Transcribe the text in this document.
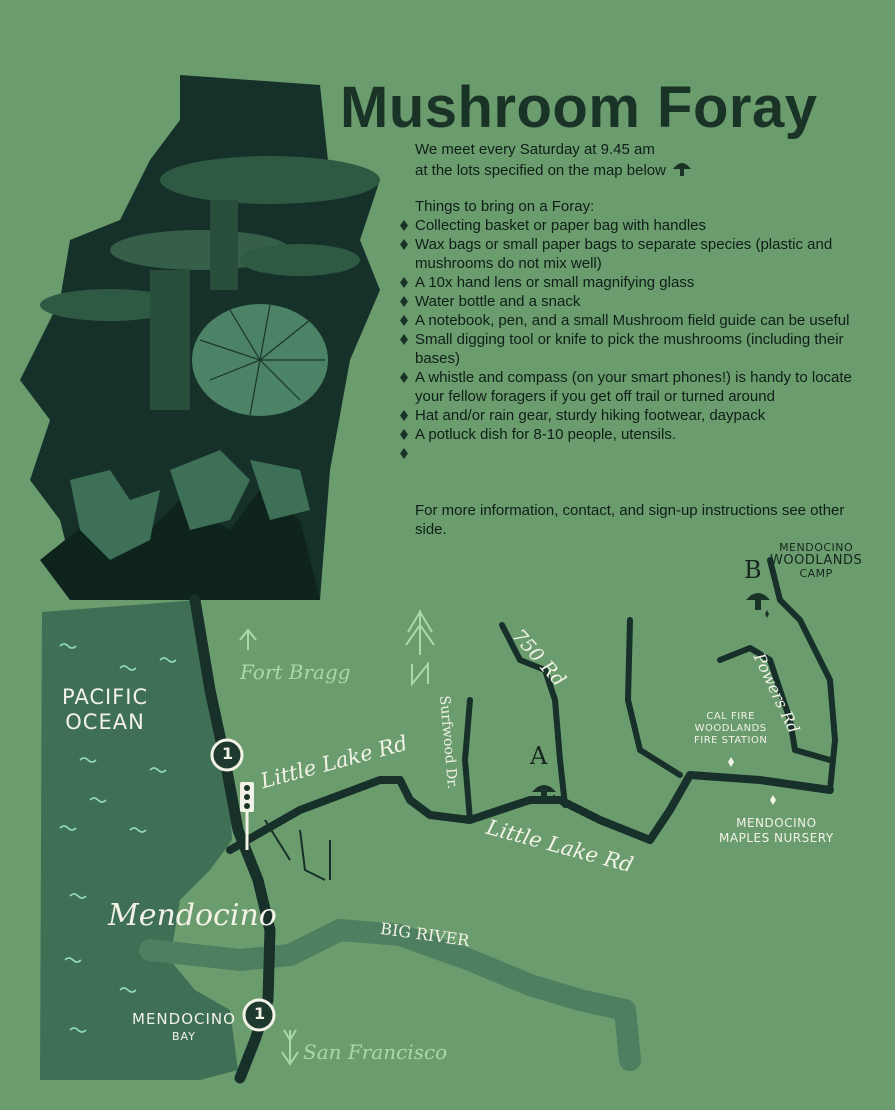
Mushroom Foray

We meet every Saturday at 9.45 am

at the lots specified on the map below

Things to bring on a Foray:
Collecting basket or paper bag with handles
Wax bags or small paper bags to separate species (plastic and mushrooms do not mix well)
A 10x hand lens or small magnifying glass
Water bottle and a snack
A notebook, pen, and a small Mushroom field guide can be useful
Small digging tool or knife to pick the mushrooms (including their bases)
A whistle and compass (on your smart phones!) is handy to locate your fellow foragers if you get off trail or turned around
Hat and/or rain gear, sturdy hiking footwear, daypack
A potluck dish for 8-10 people, utensils.
For more information, contact, and sign-up instructions see other side.
PACIFIC
OCEAN
Fort Bragg
San Francisco
Mendocino
MENDOCINO
BAY
BIG RIVER
Little Lake Rd
Little Lake Rd
Surfwood Dr.
750 Rd	Powers Rd
A
B
MENDOCINO
WOODLANDS
CAMP
CAL FIRE
WOODLANDS
FIRE STATION
MENDOCINO
MAPLES NURSERY
1
1
